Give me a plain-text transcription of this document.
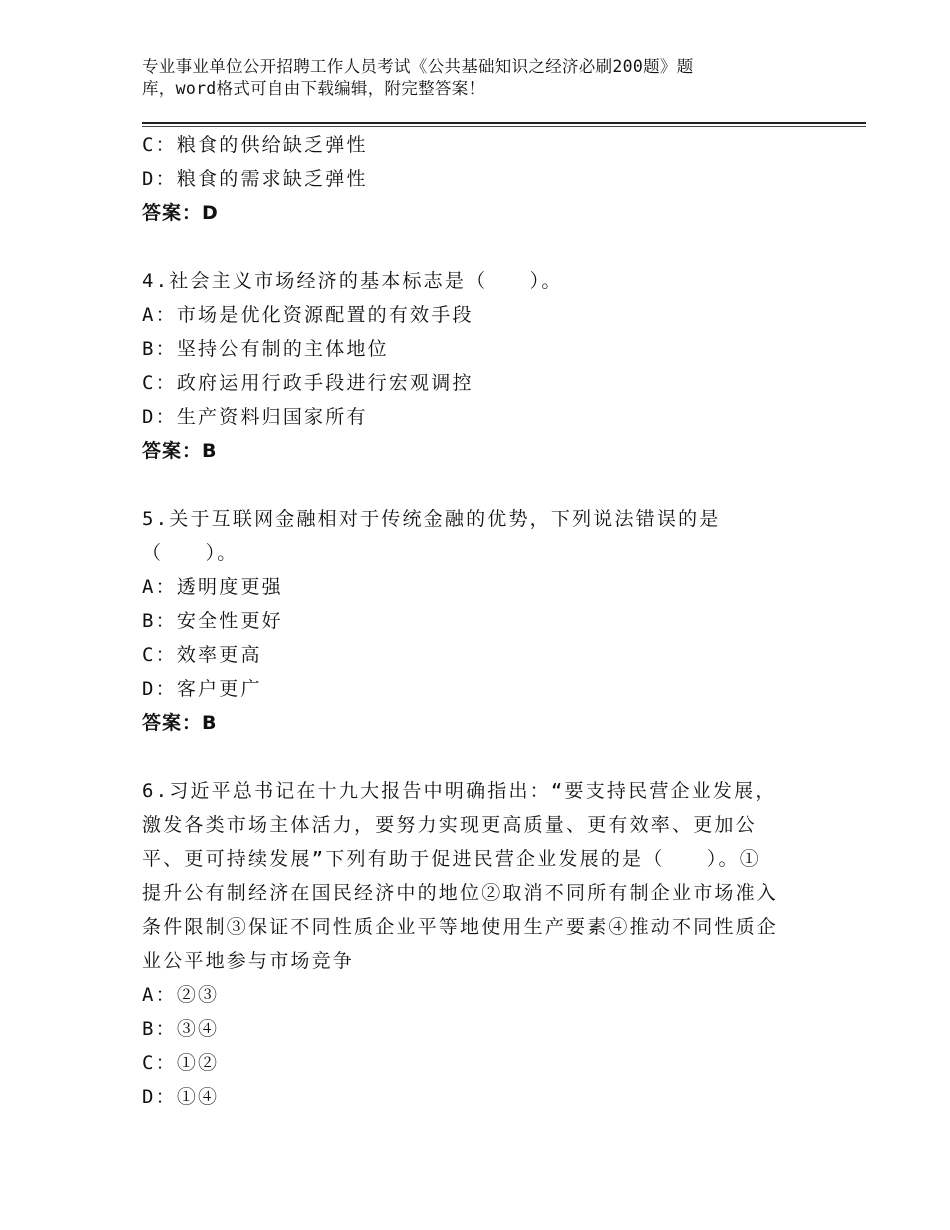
专业事业单位公开招聘工作人员考试《公共基础知识之经济必刷200题》题
库，word格式可自由下载编辑，附完整答案！

C：粮食的供给缺乏弹性

D：粮食的需求缺乏弹性

答案：D

4.社会主义市场经济的基本标志是（　　）。

A：市场是优化资源配置的有效手段

B：坚持公有制的主体地位

C：政府运用行政手段进行宏观调控

D：生产资料归国家所有

答案：B

5.关于互联网金融相对于传统金融的优势，下列说法错误的是

（　　）。

A：透明度更强

B：安全性更好

C：效率更高

D：客户更广

答案：B

6.习近平总书记在十九大报告中明确指出：“要支持民营企业发展，

激发各类市场主体活力，要努力实现更高质量、更有效率、更加公

平、更可持续发展”下列有助于促进民营企业发展的是（　　）。①

提升公有制经济在国民经济中的地位②取消不同所有制企业市场准入

条件限制③保证不同性质企业平等地使用生产要素④推动不同性质企

业公平地参与市场竞争

A：②③

B：③④

C：①②

D：①④
